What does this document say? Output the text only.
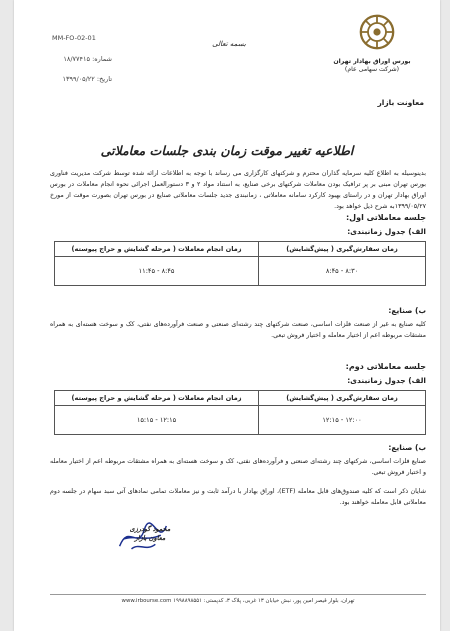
MM-FO-02-01
شماره: ۱۸/۷۷۴۱۵
تاریخ: ۱۳۹۹/۰۵/۲۲
بسمه تعالی
بورس اوراق بهادار تهران
(شرکت سهامی عام)
معاونت بازار
اطلاعیه تغییر موقت زمان بندی جلسات معاملاتی
بدینوسیله به اطلاع کلیه سرمایه گذاران محترم و شرکتهای کارگزاری می رساند با توجه به اطلاعات ارائه شده توسط شرکت مدیریت فناوری بورس تهران مبنی بر پر ترافیک بودن معاملات شرکتهای برخی صنایع، به استناد مواد ۲ و ۳ دستورالعمل اجرائی نحوه انجام معاملات در بورس اوراق بهادار تهران و در راستای بهبود کارکرد سامانه معاملاتی ، زمانبندی جدید جلسات معاملاتی صنایع در بورس تهران بصورت موقت از مورخ ۱۳۹۹/۰۵/۲۷به شرح ذیل خواهد بود.
جلسه معاملاتی اول:
الف) جدول زمانبندی:
زمان سفارش‌گیری ( پیش‌گشایش)	زمان انجام معاملات ( مرحله گشایش و حراج پیوسته)
۸:۳۰ - ۸:۴۵	۸:۴۵ - ۱۱:۴۵
ب) صنایع:
کلیه صنایع به غیر از صنعت فلزات اساسی، صنعت شرکتهای چند رشته‌ای صنعتی و صنعت فرآورده‌های نفتی، کک و سوخت هسته‌ای به همراه مشتقات مربوطه اعم از اختیار معامله و اختیار فروش تبعی.
جلسه معاملاتی دوم:
الف) جدول زمانبندی:
زمان سفارش‌گیری ( پیش‌گشایش)	زمان انجام معاملات ( مرحله گشایش و حراج پیوسته)
۱۲:۰۰ - ۱۲:۱۵	۱۲:۱۵ - ۱۵:۱۵
ب) صنایع:
صنایع فلزات اساسی، شرکتهای چند رشته‌ای صنعتی و فرآورده‌های نفتی، کک و سوخت هسته‌ای به همراه مشتقات مربوطه اعم از اختیار معامله و اختیار فروش تبعی.
شایان ذکر است که کلیه صندوق‌های قابل معامله (ETF)، اوراق بهادار با درآمد ثابت و نیز معاملات تمامی نمادهای آتی سبد سهام در جلسه دوم معاملاتی قابل معامله خواهند بود.
محمود گودرزی
معاون بازار
تهران، بلوار قیصر امین پور، نبش خیابان ۱۳ غربی، پلاک ۳، کدپستی: ۱۹۹۸۸۹۸۵۵۱ www.irbourse.com
